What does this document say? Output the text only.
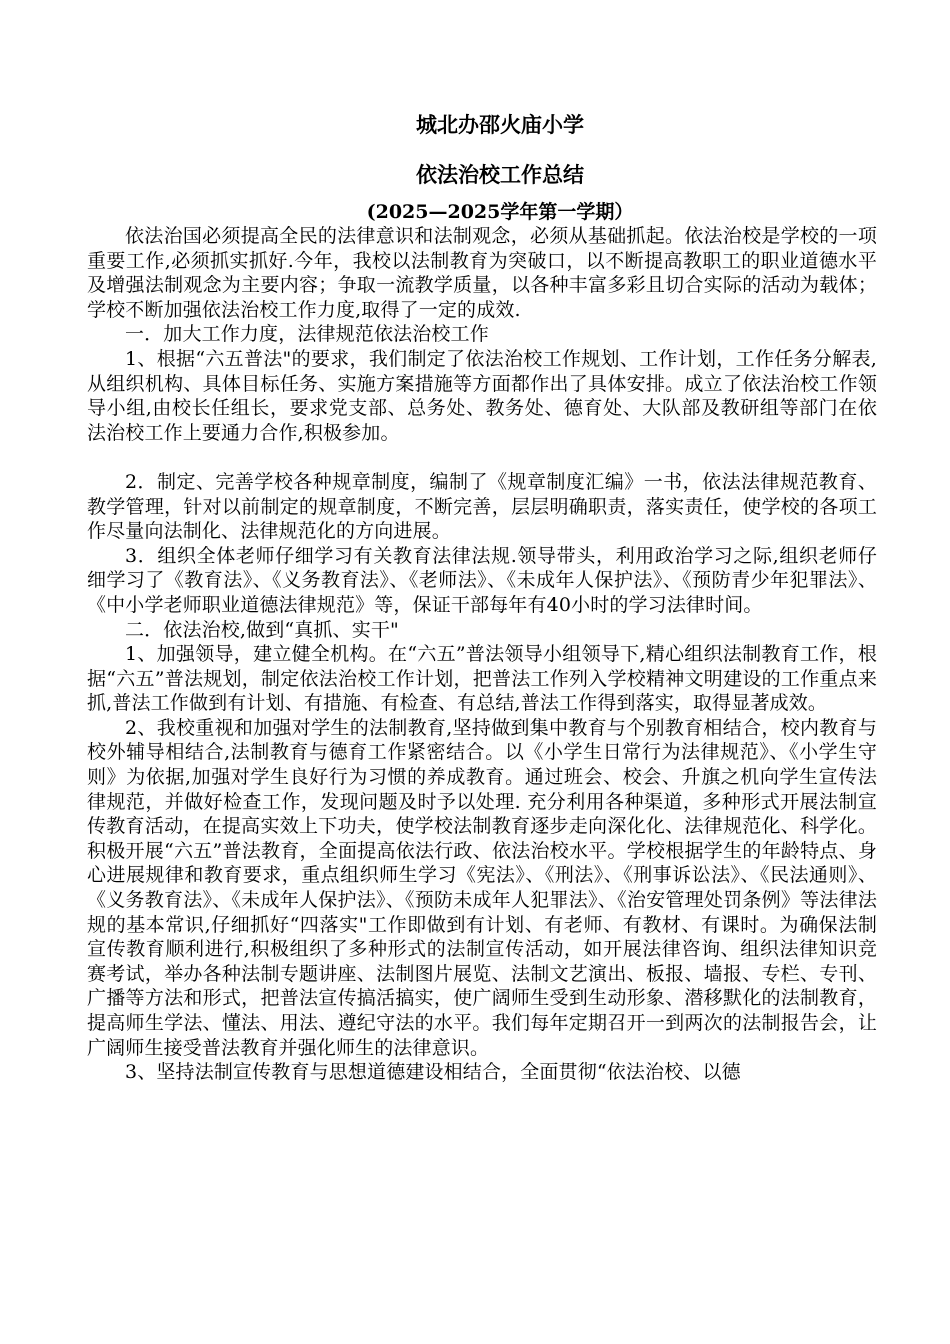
城北办邵火庙小学
依法治校工作总结
(2025—2025学年第一学期）

依法治国必须提高全民的法律意识和法制观念，必须从基础抓起。依法治校是学校的一项重要工作,必须抓实抓好.今年，我校以法制教育为突破口，以不断提高教职工的职业道德水平及增强法制观念为主要内容；争取一流教学质量，以各种丰富多彩且切合实际的活动为载体；学校不断加强依法治校工作力度,取得了一定的成效.

一．加大工作力度，法律规范依法治校工作

1、根据“六五普法"的要求，我们制定了依法治校工作规划、工作计划，工作任务分解表,从组织机构、具体目标任务、实施方案措施等方面都作出了具体安排。成立了依法治校工作领导小组,由校长任组长，要求党支部、总务处、教务处、德育处、大队部及教研组等部门在依法治校工作上要通力合作,积极参加。

2．制定、完善学校各种规章制度，编制了《规章制度汇编》一书，依法法律规范教育、教学管理，针对以前制定的规章制度，不断完善，层层明确职责，落实责任，使学校的各项工作尽量向法制化、法律规范化的方向进展。

3．组织全体老师仔细学习有关教育法律法规.领导带头，利用政治学习之际,组织老师仔细学习了《教育法》、《义务教育法》、《老师法》、《未成年人保护法》、《预防青少年犯罪法》、《中小学老师职业道德法律规范》等，保证干部每年有40小时的学习法律时间。

二．依法治校,做到“真抓、实干"

1、加强领导，建立健全机构。在“六五”普法领导小组领导下,精心组织法制教育工作，根据“六五”普法规划，制定依法治校工作计划，把普法工作列入学校精神文明建设的工作重点来抓,普法工作做到有计划、有措施、有检查、有总结,普法工作得到落实，取得显著成效。

2、我校重视和加强对学生的法制教育,坚持做到集中教育与个别教育相结合，校内教育与校外辅导相结合,法制教育与德育工作紧密结合。以《小学生日常行为法律规范》、《小学生守则》为依据,加强对学生良好行为习惯的养成教育。通过班会、校会、升旗之机向学生宣传法律规范，并做好检查工作，发现问题及时予以处理. 充分利用各种渠道，多种形式开展法制宣传教育活动，在提高实效上下功夫，使学校法制教育逐步走向深化化、法律规范化、科学化。积极开展“六五”普法教育，全面提高依法行政、依法治校水平。学校根据学生的年龄特点、身心进展规律和教育要求，重点组织师生学习《宪法》、《刑法》、《刑事诉讼法》、《民法通则》、《义务教育法》、《未成年人保护法》、《预防未成年人犯罪法》、《治安管理处罚条例》等法律法规的基本常识,仔细抓好“四落实"工作即做到有计划、有老师、有教材、有课时。为确保法制宣传教育顺利进行,积极组织了多种形式的法制宣传活动，如开展法律咨询、组织法律知识竞赛考试，举办各种法制专题讲座、法制图片展览、法制文艺演出、板报、墙报、专栏、专刊、广播等方法和形式，把普法宣传搞活搞实，使广阔师生受到生动形象、潜移默化的法制教育，提高师生学法、懂法、用法、遵纪守法的水平。我们每年定期召开一到两次的法制报告会，让广阔师生接受普法教育并强化师生的法律意识。

3、坚持法制宣传教育与思想道德建设相结合，全面贯彻“依法治校、以德
